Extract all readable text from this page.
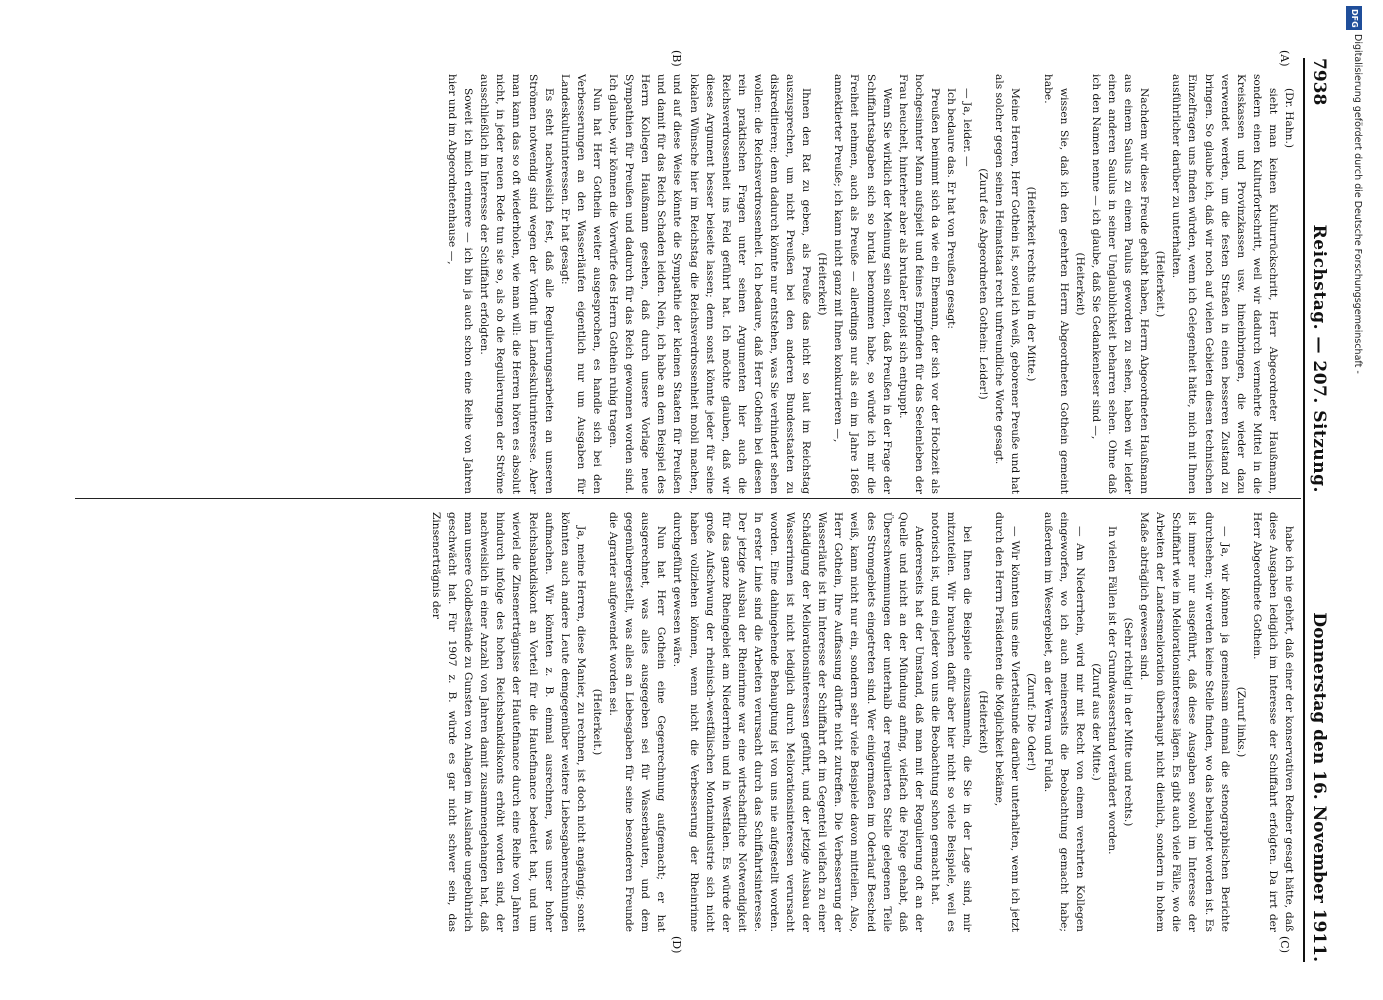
7938
Reichstag. — 207. Sitzung.
Donnerstag den 16. November 1911.
(A)
(B)
(C)
(D)

(Dr. Hahn.)

sieht man keinen Kulturrückschritt, Herr Abgeordneter Haußmann, sondern einen Kulturfortschritt, weil wir dadurch vermehrte Mittel in die Kreiskassen und Provinzkassen usw. hineinbringen, die wieder dazu verwendet werden, um die festen Straßen in einen besseren Zustand zu bringen. So glaube ich, daß wir noch auf vielen Gebieten diesen technischen Einzelfragen uns finden würden, wenn ich Gelegenheit hätte, mich mit Ihnen ausführlicher darüber zu unterhalten.

(Heiterkeit.)

Nachdem wir diese Freude gehabt haben, Herrn Abgeordneten Haußmann aus einem Saulus zu einem Paulus geworden zu sehen, haben wir leider einen anderen Saulus in seiner Unglaublichkeit beharren sehen. Ohne daß ich den Namen nenne — ich glaube, daß Sie Gedankenleser sind —,

(Heiterkeit)

wissen Sie, daß ich den geehrten Herrn Abgeordneten Gothein gemeint habe.

(Heiterkeit rechts und in der Mitte.)

Meine Herren, Herr Gothein ist, soviel ich weiß, geborener Preuße und hat als solcher gegen seinen Heimatstaat recht unfreundliche Worte gesagt.

(Zuruf des Abgeordneten Gothein: Leider!)

— Ja, leider. —

Ich bedaure das. Er hat von Preußen gesagt:

Preußen benimmt sich da wie ein Ehemann, der sich vor der Hochzeit als hochgesinnter Mann aufspielt und feines Empfinden für das Seelenleben der Frau heuchelt, hinterher aber als brutaler Egoist sich entpuppt.

Wenn Sie wirklich der Meinung sein sollten, daß Preußen in der Frage der Schiffahrtsabgaben sich so brutal benommen habe, so würde ich mir die Freiheit nehmen, auch als Preuße — allerdings nur als ein im Jahre 1866 annektierter Preuße; ich kann nicht ganz mit Ihnen konkurrieren —,

(Heiterkeit)

Ihnen den Rat zu geben, als Preuße das nicht so laut im Reichstag auszusprechen, um nicht Preußen bei den anderen Bundesstaaten zu diskreditieren; denn dadurch könnte nur entstehen, was Sie verhindert sehen wollen: die Reichsverdrossenheit. Ich bedaure, daß Herr Gothein bei diesen rein praktischen Fragen unter seinen Argumenten hier auch die Reichsverdrossenheit ins Feld geführt hat. Ich möchte glauben, daß wir dieses Argument besser beiseite lassen; denn sonst könnte jeder für seine lokalen Wünsche hier im Reichstag die Reichsverdrossenheit mobil machen, und auf diese Weise könnte die Sympathie der kleinen Staaten für Preußen und damit für das Reich Schaden leiden. Nein, ich habe an dem Beispiel des Herrn Kollegen Haußmann gesehen, daß durch unsere Vorlage neue Sympathien für Preußen und dadurch für das Reich gewonnen worden sind. Ich glaube, wir können die Vorwürfe des Herrn Gothein ruhig tragen.

Nun hat Herr Gothein weiter ausgesprochen, es handle sich bei den Verbesserungen an den Wasserläufen eigentlich nur um Ausgaben für Landeskulturinteressen. Er hat gesagt:

Es steht nachweislich fest, daß alle Regulierungsarbeiten an unseren Strömen notwendig sind wegen der Vorflut im Landeskulturinteresse. Aber man kann das so oft wiederholen, wie man will: die Herren hören es absolut nicht, in jeder neuen Rede tun sie so, als ob die Regulierungen der Ströme ausschließlich im Interesse der Schiffahrt erfolgten.

Soweit ich mich erinnere — ich bin ja auch schon eine Reihe von Jahren hier und im Abgeordnetenhause —,

habe ich nie gehört, daß einer der konservativen Redner gesagt hätte, daß diese Ausgaben lediglich im Interesse der Schiffahrt erfolgten. Da irrt der Herr Abgeordnete Gothein.

(Zuruf links.)

— Ja, wir können ja gemeinsam einmal die stenographischen Berichte durchsehen; wir werden keine Stelle finden, wo das behauptet worden ist. Es ist immer nur ausgeführt, daß diese Ausgaben sowohl im Interesse der Schiffahrt wie im Meliorationsinteresse lägen. Es gibt auch viele Fälle, wo die Arbeiten der Landesmelioration überhaupt nicht dienlich, sondern in hohem Maße abträglich gewesen sind.

(Sehr richtig! in der Mitte und rechts.)

In vielen Fällen ist der Grundwasserstand verändert worden.

(Zuruf aus der Mitte.)

— Am Niederrhein, wird mir mit Recht von einem verehrten Kollegen eingeworfen, wo ich auch meinerseits die Beobachtung gemacht habe; außerdem im Wesergebiet, an der Werra und Fulda.

(Zuruf: Die Oder!)

— Wir könnten uns eine Viertelstunde darüber unterhalten, wenn ich jetzt durch den Herrn Präsidenten die Möglichkeit bekäme,

(Heiterkeit)

bei Ihnen die Beispiele einzusammeln, die Sie in der Lage sind, mir mitzuteilen. Wir brauchen dafür aber hier nicht so viele Beispiele, weil es notorisch ist, und ein jeder von uns die Beobachtung schon gemacht hat.

Andererseits hat der Umstand, daß man mit der Regulierung oft an der Quelle und nicht an der Mündung anfing, vielfach die Folge gehabt, daß Überschwemmungen der unterhalb der regulierten Stelle gelegenen Teile des Stromgebiets eingetreten sind. Wer einigermaßen im Oderlauf Bescheid weiß, kann nicht nur ein, sondern sehr viele Beispiele davon mitteilen. Also, Herr Gothein, Ihre Auffassung dürfte nicht zutreffen. Die Verbesserung der Wasserläufe ist im Interesse der Schiffahrt oft im Gegenteil vielfach zu einer Schädigung der Meliorationsinteressen geführt, und der jetzige Ausbau der Wasserrinnen ist nicht lediglich durch Meliorationsinteressen verursacht worden. Eine dahingehende Behauptung ist von uns nie aufgestellt worden. In erster Linie sind die Arbeiten verursacht durch das Schiffahrtsinteresse. Der jetzige Ausbau der Rheinrinne war eine wirtschaftliche Notwendigkeit für das ganze Rheingebiet am Niederrhein und in Westfalen. Es würde der große Aufschwung der rheinisch-westfälischen Montanindustrie sich nicht haben vollziehen können, wenn nicht die Verbesserung der Rheinrinne durchgeführt gewesen wäre.

Nun hat Herr Gothein eine Gegenrechnung aufgemacht; er hat ausgerechnet, was alles ausgegeben sei für Wasserbauten, und dem gegenübergestellt, was alles an Liebesgaben für seine besonderen Freunde die Agrarier aufgewendet worden sei.

(Heiterkeit.)

Ja, meine Herren, diese Manier, zu rechnen, ist doch nicht angängig; sonst könnten auch andere Leute demgegenüber weitere Liebesgabenrechnungen aufmachen. Wir könnten z. B. einmal ausrechnen, was unser hoher Reichsbankdiskont an Vorteil für die Hautefinance bedeutet hat, und um wieviel die Zinsenerträgnisse der Hautefinance durch eine Reihe von Jahren hindurch infolge des hohen Reichsbankdiskonts erhöht worden sind, der nachweislich in einer Anzahl von Jahren damit zusammengehangen hat, daß man unsere Goldbestände zu Gunsten von Anlagen im Auslande ungebührlich geschwächt hat. Für 1907 z. B. würde es gar nicht schwer sein, das Zinsenerträgnis der

DFG
Digitalisierung gefördert durch die Deutsche Forschungsgemeinschaft -
